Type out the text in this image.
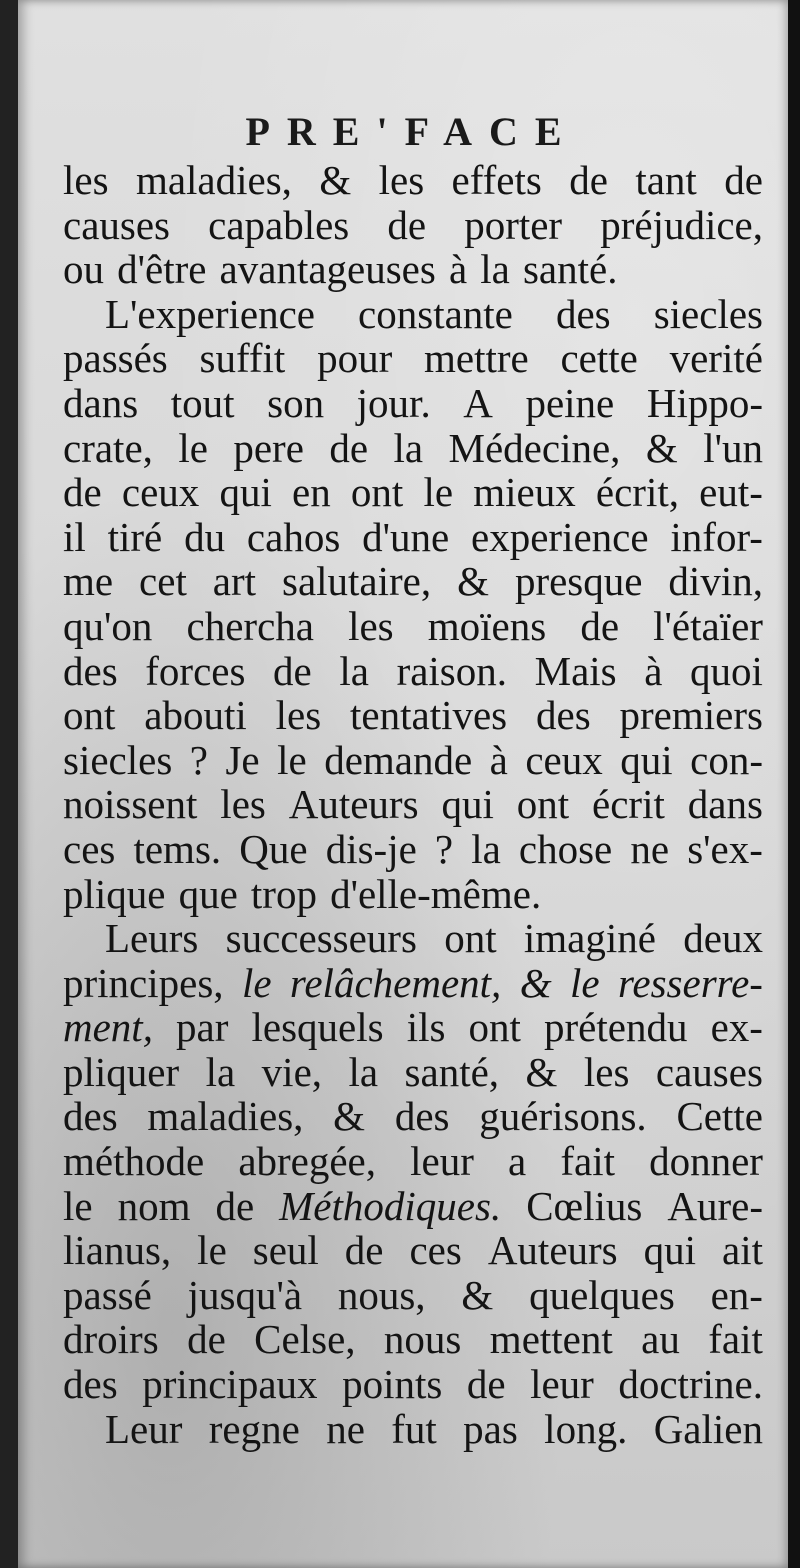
PRE'FACE
les maladies, & les effets de tant de
causes capables de porter préjudice,
ou d'être avantageuses à la santé.
L'experience constante des siecles
passés suffit pour mettre cette verité
dans tout son jour. A peine Hippo-
crate, le pere de la Médecine, & l'un
de ceux qui en ont le mieux écrit, eut-
il tiré du cahos d'une experience infor-
me cet art salutaire, & presque divin,
qu'on chercha les moïens de l'étaïer
des forces de la raison. Mais à quoi
ont abouti les tentatives des premiers
siecles ? Je le demande à ceux qui con-
noissent les Auteurs qui ont écrit dans
ces tems. Que dis-je ? la chose ne s'ex-
plique que trop d'elle-même.
Leurs successeurs ont imaginé deux
principes, le relâchement, & le resserre-
ment, par lesquels ils ont prétendu ex-
pliquer la vie, la santé, & les causes
des maladies, & des guérisons. Cette
méthode abregée, leur a fait donner
le nom de Méthodiques. Cœlius Aure-
lianus, le seul de ces Auteurs qui ait
passé jusqu'à nous, & quelques en-
droirs de Celse, nous mettent au fait
des principaux points de leur doctrine.
Leur regne ne fut pas long. Galien
